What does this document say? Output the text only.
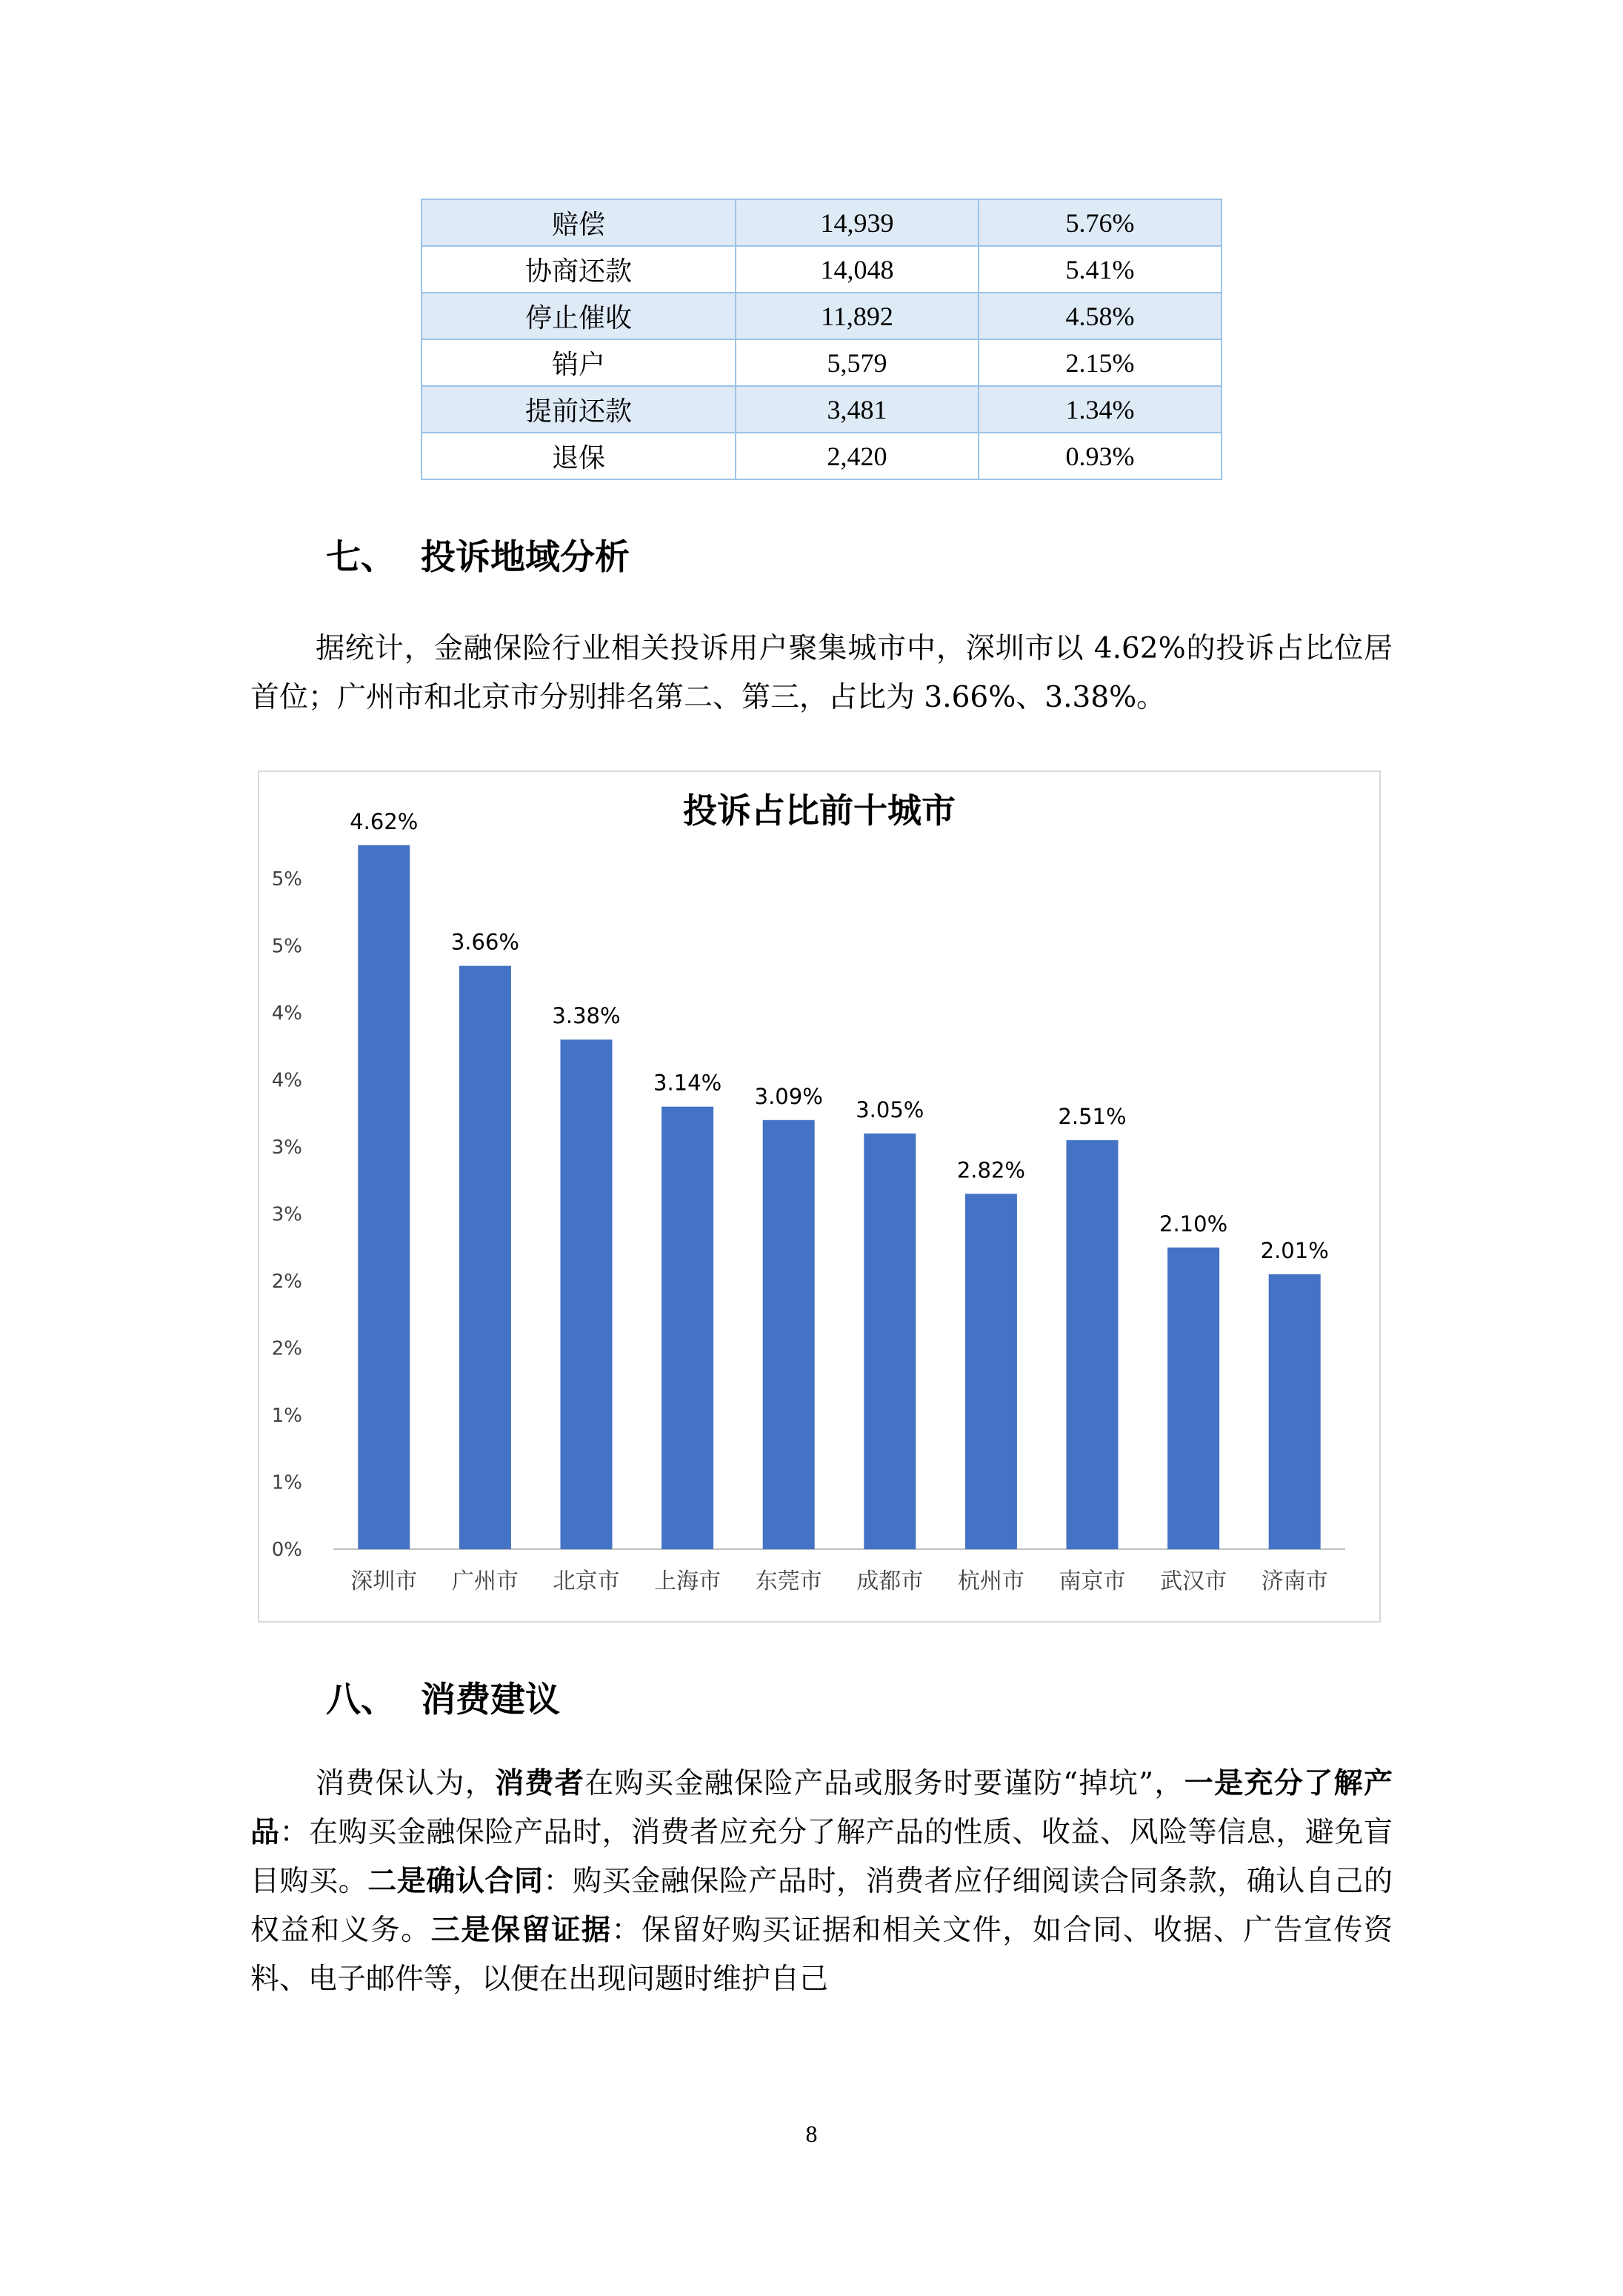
赔偿	14,939	5.76%
协商还款	14,048	5.41%
停止催收	11,892	4.58%
销户	5,579	2.15%
提前还款	3,481	1.34%
退保	2,420	0.93%
七、 投诉地域分析
据统计，金融保险行业相关投诉用户聚集城市中，深圳市以 4.62%的投诉占比位居首位；广州市和北京市分别排名第二、第三，占比为 3.66%、3.38%。
投诉占比前十城市
0%
1%
1%
2%
2%
3%
3%
4%
4%
5%
5%
4.62%
深圳市
3.66%
广州市
3.38%
北京市
3.14%
上海市
3.09%
东莞市
3.05%
成都市
2.82%
杭州市
2.51%
南京市
2.10%
武汉市
2.01%
济南市
八、 消费建议
消费保认为，消费者在购买金融保险产品或服务时要谨防“掉坑”，一是充分了解产品：在购买金融保险产品时，消费者应充分了解产品的性质、收益、风险等信息，避免盲目购买。二是确认合同：购买金融保险产品时，消费者应仔细阅读合同条款，确认自己的权益和义务。三是保留证据：保留好购买证据和相关文件，如合同、收据、广告宣传资料、电子邮件等，以便在出现问题时维护自己
8
